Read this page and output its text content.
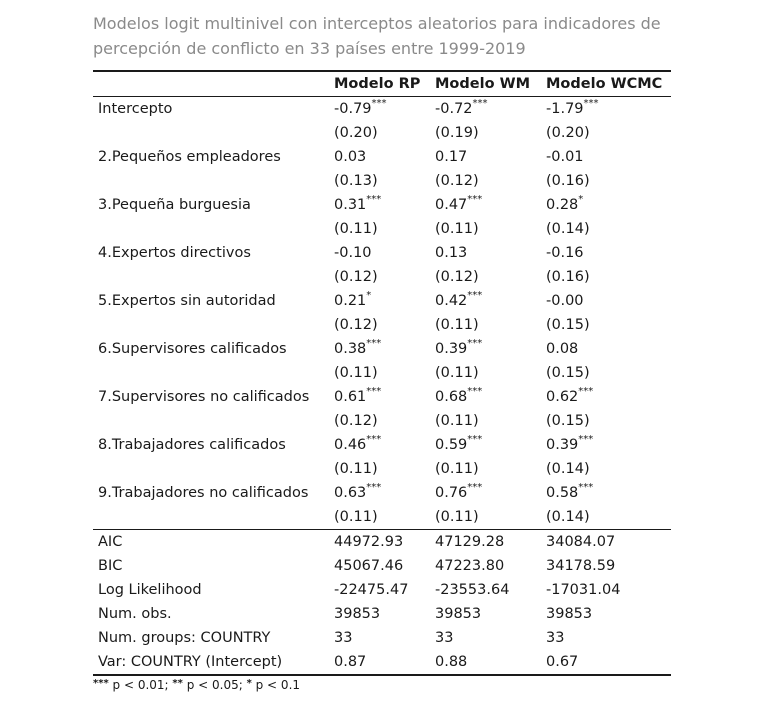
Modelos logit multinivel con interceptos aleatorios para indicadores de percepción de conflicto en 33 países entre 1999-2019
	Modelo RP	Modelo WM	Modelo WCMC
Intercepto	-0.79***	-0.72***	-1.79***
	(0.20)	(0.19)	(0.20)
2.Pequeños empleadores	0.03	0.17	-0.01
	(0.13)	(0.12)	(0.16)
3.Pequeña burguesia	0.31***	0.47***	0.28*
	(0.11)	(0.11)	(0.14)
4.Expertos directivos	-0.10	0.13	-0.16
	(0.12)	(0.12)	(0.16)
5.Expertos sin autoridad	0.21*	0.42***	-0.00
	(0.12)	(0.11)	(0.15)
6.Supervisores calificados	0.38***	0.39***	0.08
	(0.11)	(0.11)	(0.15)
7.Supervisores no calificados	0.61***	0.68***	0.62***
	(0.12)	(0.11)	(0.15)
8.Trabajadores calificados	0.46***	0.59***	0.39***
	(0.11)	(0.11)	(0.14)
9.Trabajadores no calificados	0.63***	0.76***	0.58***
	(0.11)	(0.11)	(0.14)
AIC	44972.93	47129.28	34084.07
BIC	45067.46	47223.80	34178.59
Log Likelihood	-22475.47	-23553.64	-17031.04
Num. obs.	39853	39853	39853
Num. groups: COUNTRY	33	33	33
Var: COUNTRY (Intercept)	0.87	0.88	0.67
*** p < 0.01; ** p < 0.05; * p < 0.1
